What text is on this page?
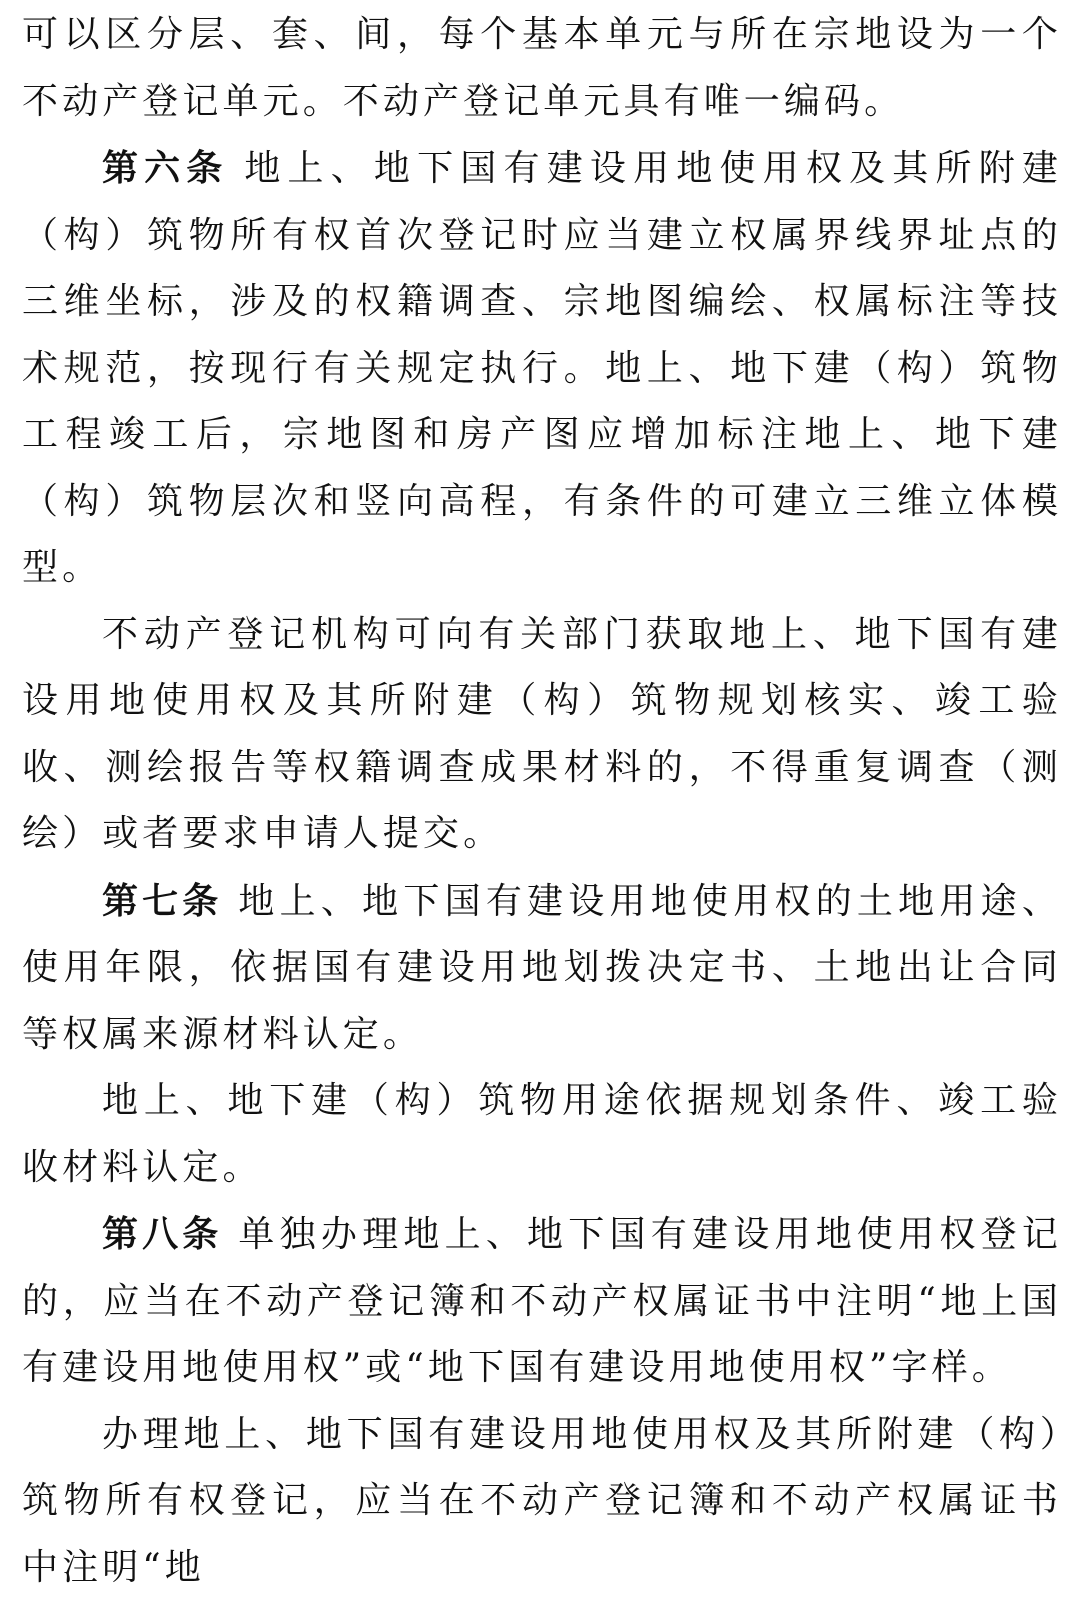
可以区分层、套、间，每个基本单元与所在宗地设为一个不动产登记单元。不动产登记单元具有唯一编码。

第六条 地上、地下国有建设用地使用权及其所附建（构）筑物所有权首次登记时应当建立权属界线界址点的三维坐标，涉及的权籍调查、宗地图编绘、权属标注等技术规范，按现行有关规定执行。地上、地下建（构）筑物工程竣工后，宗地图和房产图应增加标注地上、地下建（构）筑物层次和竖向高程，有条件的可建立三维立体模型。

不动产登记机构可向有关部门获取地上、地下国有建设用地使用权及其所附建（构）筑物规划核实、竣工验收、测绘报告等权籍调查成果材料的，不得重复调查（测绘）或者要求申请人提交。

第七条 地上、地下国有建设用地使用权的土地用途、使用年限，依据国有建设用地划拨决定书、土地出让合同等权属来源材料认定。

地上、地下建（构）筑物用途依据规划条件、竣工验收材料认定。

第八条 单独办理地上、地下国有建设用地使用权登记的，应当在不动产登记簿和不动产权属证书中注明“地上国有建设用地使用权”或“地下国有建设用地使用权”字样。

办理地上、地下国有建设用地使用权及其所附建（构）筑物所有权登记，应当在不动产登记簿和不动产权属证书中注明“地
